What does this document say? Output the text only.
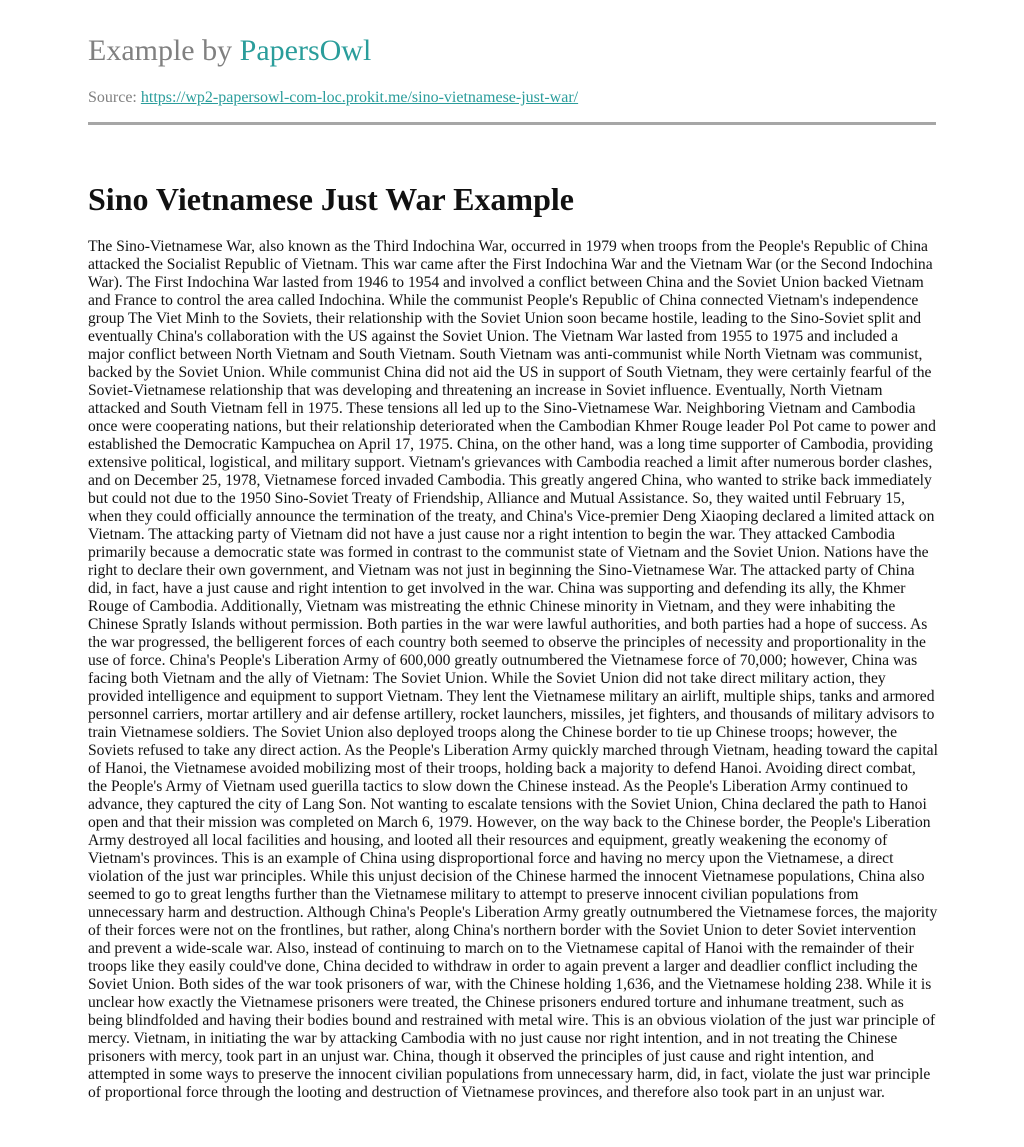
Example by PapersOwl
Source: https://wp2-papersowl-com-loc.prokit.me/sino-vietnamese-just-war/
Sino Vietnamese Just War Example

The Sino-Vietnamese War, also known as the Third Indochina War, occurred in 1979 when troops from the People's Republic of China attacked the Socialist Republic of Vietnam. This war came after the First Indochina War and the Vietnam War (or the Second Indochina War). The First Indochina War lasted from 1946 to 1954 and involved a conflict between China and the Soviet Union backed Vietnam and France to control the area called Indochina. While the communist People's Republic of China connected Vietnam's independence group The Viet Minh to the Soviets, their relationship with the Soviet Union soon became hostile, leading to the Sino-Soviet split and eventually China's collaboration with the US against the Soviet Union. The Vietnam War lasted from 1955 to 1975 and included a major conflict between North Vietnam and South Vietnam. South Vietnam was anti-communist while North Vietnam was communist, backed by the Soviet Union. While communist China did not aid the US in support of South Vietnam, they were certainly fearful of the Soviet-Vietnamese relationship that was developing and threatening an increase in Soviet influence. Eventually, North Vietnam attacked and South Vietnam fell in 1975. These tensions all led up to the Sino-Vietnamese War. Neighboring Vietnam and Cambodia once were cooperating nations, but their relationship deteriorated when the Cambodian Khmer Rouge leader Pol Pot came to power and established the Democratic Kampuchea on April 17, 1975. China, on the other hand, was a long time supporter of Cambodia, providing extensive political, logistical, and military support. Vietnam's grievances with Cambodia reached a limit after numerous border clashes, and on December 25, 1978, Vietnamese forced invaded Cambodia. This greatly angered China, who wanted to strike back immediately but could not due to the 1950 Sino-Soviet Treaty of Friendship, Alliance and Mutual Assistance. So, they waited until February 15, when they could officially announce the termination of the treaty, and China's Vice-premier Deng Xiaoping declared a limited attack on Vietnam. The attacking party of Vietnam did not have a just cause nor a right intention to begin the war. They attacked Cambodia primarily because a democratic state was formed in contrast to the communist state of Vietnam and the Soviet Union. Nations have the right to declare their own government, and Vietnam was not just in beginning the Sino-Vietnamese War. The attacked party of China did, in fact, have a just cause and right intention to get involved in the war. China was supporting and defending its ally, the Khmer Rouge of Cambodia. Additionally, Vietnam was mistreating the ethnic Chinese minority in Vietnam, and they were inhabiting the Chinese Spratly Islands without permission. Both parties in the war were lawful authorities, and both parties had a hope of success. As the war progressed, the belligerent forces of each country both seemed to observe the principles of necessity and proportionality in the use of force. China's People's Liberation Army of 600,000 greatly outnumbered the Vietnamese force of 70,000; however, China was facing both Vietnam and the ally of Vietnam: The Soviet Union. While the Soviet Union did not take direct military action, they provided intelligence and equipment to support Vietnam. They lent the Vietnamese military an airlift, multiple ships, tanks and armored personnel carriers, mortar artillery and air defense artillery, rocket launchers, missiles, jet fighters, and thousands of military advisors to train Vietnamese soldiers. The Soviet Union also deployed troops along the Chinese border to tie up Chinese troops; however, the Soviets refused to take any direct action. As the People's Liberation Army quickly marched through Vietnam, heading toward the capital of Hanoi, the Vietnamese avoided mobilizing most of their troops, holding back a majority to defend Hanoi. Avoiding direct combat, the People's Army of Vietnam used guerilla tactics to slow down the Chinese instead. As the People's Liberation Army continued to advance, they captured the city of Lang Son. Not wanting to escalate tensions with the Soviet Union, China declared the path to Hanoi open and that their mission was completed on March 6, 1979. However, on the way back to the Chinese border, the People's Liberation Army destroyed all local facilities and housing, and looted all their resources and equipment, greatly weakening the economy of Vietnam's provinces. This is an example of China using disproportional force and having no mercy upon the Vietnamese, a direct violation of the just war principles. While this unjust decision of the Chinese harmed the innocent Vietnamese populations, China also seemed to go to great lengths further than the Vietnamese military to attempt to preserve innocent civilian populations from unnecessary harm and destruction. Although China's People's Liberation Army greatly outnumbered the Vietnamese forces, the majority of their forces were not on the frontlines, but rather, along China's northern border with the Soviet Union to deter Soviet intervention and prevent a wide-scale war. Also, instead of continuing to march on to the Vietnamese capital of Hanoi with the remainder of their troops like they easily could've done, China decided to withdraw in order to again prevent a larger and deadlier conflict including the Soviet Union. Both sides of the war took prisoners of war, with the Chinese holding 1,636, and the Vietnamese holding 238. While it is unclear how exactly the Vietnamese prisoners were treated, the Chinese prisoners endured torture and inhumane treatment, such as being blindfolded and having their bodies bound and restrained with metal wire. This is an obvious violation of the just war principle of mercy. Vietnam, in initiating the war by attacking Cambodia with no just cause nor right intention, and in not treating the Chinese prisoners with mercy, took part in an unjust war. China, though it observed the principles of just cause and right intention, and attempted in some ways to preserve the innocent civilian populations from unnecessary harm, did, in fact, violate the just war principle of proportional force through the looting and destruction of Vietnamese provinces, and therefore also took part in an unjust war.
